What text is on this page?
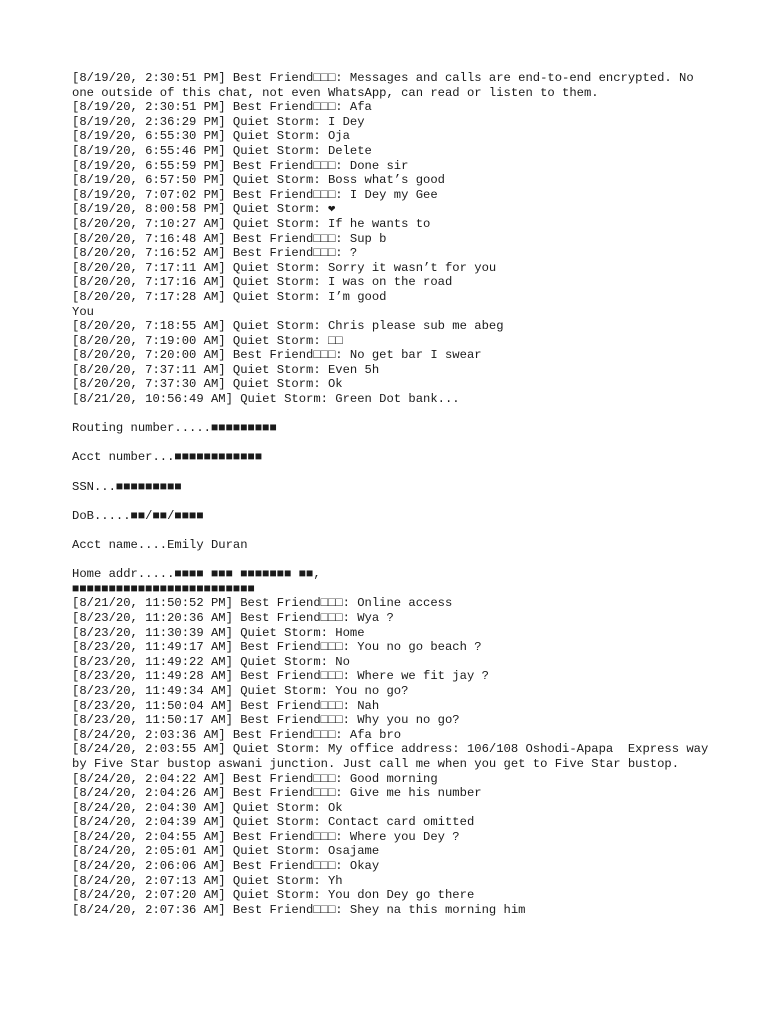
[8/19/20, 2:30:51 PM] Best Friend□□□: Messages and calls are end-to-end encrypted. No one outside of this chat, not even WhatsApp, can read or listen to them.
[8/19/20, 2:30:51 PM] Best Friend□□□: Afa
[8/19/20, 2:36:29 PM] Quiet Storm: I Dey
[8/19/20, 6:55:30 PM] Quiet Storm: Oja
[8/19/20, 6:55:46 PM] Quiet Storm: Delete
[8/19/20, 6:55:59 PM] Best Friend□□□: Done sir
[8/19/20, 6:57:50 PM] Quiet Storm: Boss what’s good
[8/19/20, 7:07:02 PM] Best Friend□□□: I Dey my Gee
[8/19/20, 8:00:58 PM] Quiet Storm: ❤
[8/20/20, 7:10:27 AM] Quiet Storm: If he wants to
[8/20/20, 7:16:48 AM] Best Friend□□□: Sup b
[8/20/20, 7:16:52 AM] Best Friend□□□: ?
[8/20/20, 7:17:11 AM] Quiet Storm: Sorry it wasn’t for you
[8/20/20, 7:17:16 AM] Quiet Storm: I was on the road
[8/20/20, 7:17:28 AM] Quiet Storm: I’m good
You
[8/20/20, 7:18:55 AM] Quiet Storm: Chris please sub me abeg
[8/20/20, 7:19:00 AM] Quiet Storm: □□
[8/20/20, 7:20:00 AM] Best Friend□□□: No get bar I swear
[8/20/20, 7:37:11 AM] Quiet Storm: Even 5h
[8/20/20, 7:37:30 AM] Quiet Storm: Ok
[8/21/20, 10:56:49 AM] Quiet Storm: Green Dot bank...
Routing number.....■■■■■■■■■
Acct number...■■■■■■■■■■■■
SSN...■■■■■■■■■
DoB.....■■/■■/■■■■
Acct name....Emily Duran
Home addr.....■■■■ ■■■ ■■■■■■■ ■■,
■■■■■■■■■■■■■■■■■■■■■■■■■
[8/21/20, 11:50:52 PM] Best Friend□□□: Online access
[8/23/20, 11:20:36 AM] Best Friend□□□: Wya ?
[8/23/20, 11:30:39 AM] Quiet Storm: Home
[8/23/20, 11:49:17 AM] Best Friend□□□: You no go beach ?
[8/23/20, 11:49:22 AM] Quiet Storm: No
[8/23/20, 11:49:28 AM] Best Friend□□□: Where we fit jay ?
[8/23/20, 11:49:34 AM] Quiet Storm: You no go?
[8/23/20, 11:50:04 AM] Best Friend□□□: Nah
[8/23/20, 11:50:17 AM] Best Friend□□□: Why you no go?
[8/24/20, 2:03:36 AM] Best Friend□□□: Afa bro
[8/24/20, 2:03:55 AM] Quiet Storm: My office address: 106/108 Oshodi-Apapa  Express way by Five Star bustop aswani junction. Just call me when you get to Five Star bustop.
[8/24/20, 2:04:22 AM] Best Friend□□□: Good morning
[8/24/20, 2:04:26 AM] Best Friend□□□: Give me his number
[8/24/20, 2:04:30 AM] Quiet Storm: Ok
[8/24/20, 2:04:39 AM] Quiet Storm: Contact card omitted
[8/24/20, 2:04:55 AM] Best Friend□□□: Where you Dey ?
[8/24/20, 2:05:01 AM] Quiet Storm: Osajame
[8/24/20, 2:06:06 AM] Best Friend□□□: Okay
[8/24/20, 2:07:13 AM] Quiet Storm: Yh
[8/24/20, 2:07:20 AM] Quiet Storm: You don Dey go there
[8/24/20, 2:07:36 AM] Best Friend□□□: Shey na this morning him
